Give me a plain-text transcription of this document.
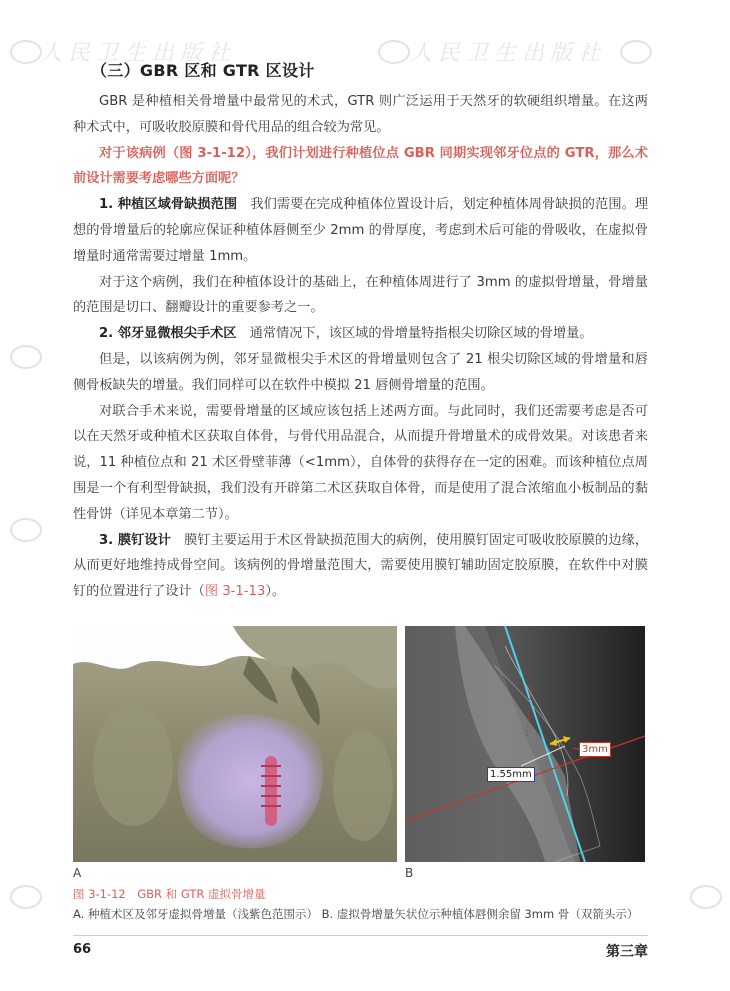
人民卫生出版社	人民卫生出版社
（三）GBR 区和 GTR 区设计

GBR 是种植相关骨增量中最常见的术式，GTR 则广泛运用于天然牙的软硬组织增量。在这两种术式中，可吸收胶原膜和骨代用品的组合较为常见。

对于该病例（图 3-1-12），我们计划进行种植位点 GBR 同期实现邻牙位点的 GTR，那么术前设计需要考虑哪些方面呢？

1. 种植区域骨缺损范围　 我们需要在完成种植体位置设计后，划定种植体周骨缺损的范围。理想的骨增量后的轮廓应保证种植体唇侧至少 2mm 的骨厚度，考虑到术后可能的骨吸收，在虚拟骨增量时通常需要过增量 1mm。

对于这个病例，我们在种植体设计的基础上，在种植体周进行了 3mm 的虚拟骨增量，骨增量的范围是切口、翻瓣设计的重要参考之一。

2. 邻牙显微根尖手术区　 通常情况下，该区域的骨增量特指根尖切除区域的骨增量。

但是，以该病例为例，邻牙显微根尖手术区的骨增量则包含了 21 根尖切除区域的骨增量和唇侧骨板缺失的增量。我们同样可以在软件中模拟 21 唇侧骨增量的范围。

对联合手术来说，需要骨增量的区域应该包括上述两方面。与此同时，我们还需要考虑是否可以在天然牙或种植术区获取自体骨，与骨代用品混合，从而提升骨增量术的成骨效果。对该患者来说，11 种植位点和 21 术区骨壁菲薄（<1mm），自体骨的获得存在一定的困难。而该种植位点周围是一个有利型骨缺损，我们没有开辟第二术区获取自体骨，而是使用了混合浓缩血小板制品的黏性骨饼（详见本章第二节）。

3. 膜钉设计　 膜钉主要运用于术区骨缺损范围大的病例，使用膜钉固定可吸收胶原膜的边缘，从而更好地维持成骨空间。该病例的骨增量范围大，需要使用膜钉辅助固定胶原膜，在软件中对膜钉的位置进行了设计（图 3-1-13）。

3mm
1.55mm
A	B
图 3-1-12　GBR 和 GTR 虚拟骨增量
A. 种植术区及邻牙虚拟骨增量（浅紫色范围示） B. 虚拟骨增量矢状位示种植体唇侧余留 3mm 骨（双箭头示）
66	第三章
